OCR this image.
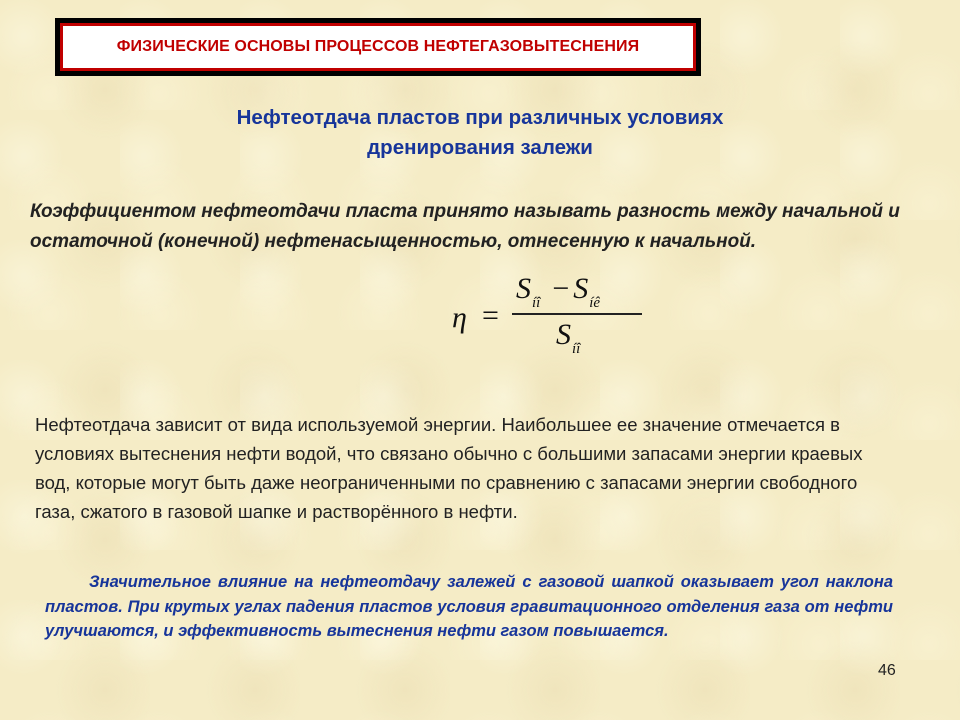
ФИЗИЧЕСКИЕ ОСНОВЫ ПРОЦЕССОВ НЕФТЕГАЗОВЫТЕСНЕНИЯ
Нефтеотдача пластов при различных условиях
дренирования залежи
Коэффициентом нефтеотдачи пласта принято называть разность между начальной и остаточной (конечной) нефтенасыщенностью, отнесенную к начальной.
η =
$S_{íî} - S_{íê}$
$S_{íî}$
Нефтеотдача зависит от вида используемой энергии. Наибольшее ее значение отмечается в условиях вытеснения нефти водой, что связано обычно с большими запасами энергии краевых вод, которые могут быть даже неограниченными по сравнению с запасами энергии свободного газа, сжатого в газовой шапке и растворённого в нефти.
Значительное влияние на нефтеотдачу залежей с газовой шапкой оказывает угол наклона пластов. При крутых углах падения пластов условия гравитационного отделения газа от нефти улучшаются, и эффективность вытеснения нефти газом повышается.
46
